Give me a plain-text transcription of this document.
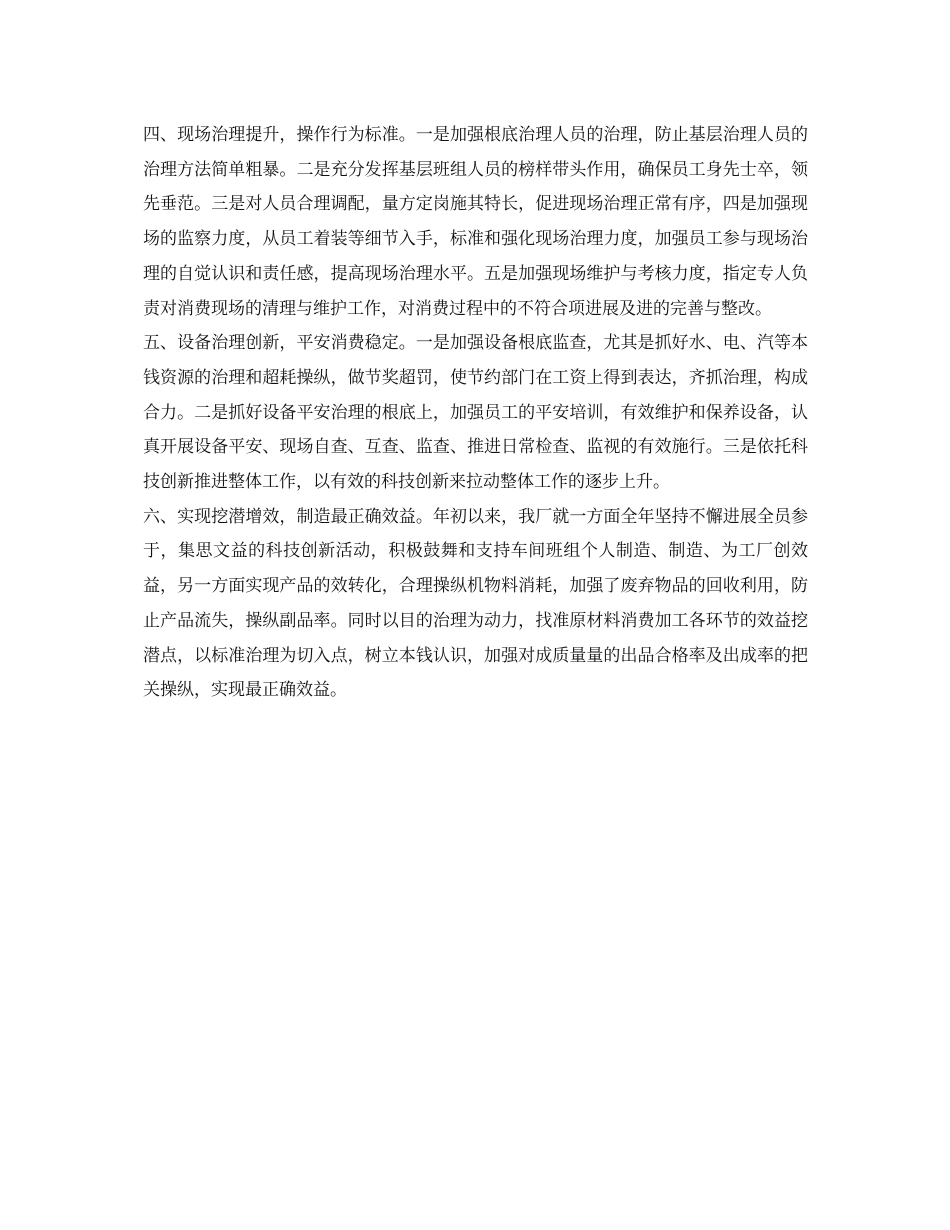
四、现场治理提升，操作行为标准。一是加强根底治理人员的治理，防止基层治理人员的治理方法简单粗暴。二是充分发挥基层班组人员的榜样带头作用，确保员工身先士卒，领先垂范。三是对人员合理调配，量方定岗施其特长，促进现场治理正常有序，四是加强现场的监察力度，从员工着装等细节入手，标准和强化现场治理力度，加强员工参与现场治理的自觉认识和责任感，提高现场治理水平。五是加强现场维护与考核力度，指定专人负责对消费现场的清理与维护工作，对消费过程中的不符合项进展及进的完善与整改。

五、设备治理创新，平安消费稳定。一是加强设备根底监查，尤其是抓好水、电、汽等本钱资源的治理和超耗操纵，做节奖超罚，使节约部门在工资上得到表达，齐抓治理，构成合力。二是抓好设备平安治理的根底上，加强员工的平安培训，有效维护和保养设备，认真开展设备平安、现场自查、互查、监查、推进日常检查、监视的有效施行。三是依托科技创新推进整体工作，以有效的科技创新来拉动整体工作的逐步上升。

六、实现挖潜增效，制造最正确效益。年初以来，我厂就一方面全年坚持不懈进展全员参于，集思文益的科技创新活动，积极鼓舞和支持车间班组个人制造、制造、为工厂创效益，另一方面实现产品的效转化，合理操纵机物料消耗，加强了废弃物品的回收利用，防止产品流失，操纵副品率。同时以目的治理为动力，找准原材料消费加工各环节的效益挖潜点，以标准治理为切入点，树立本钱认识，加强对成质量量的出品合格率及出成率的把关操纵，实现最正确效益。
